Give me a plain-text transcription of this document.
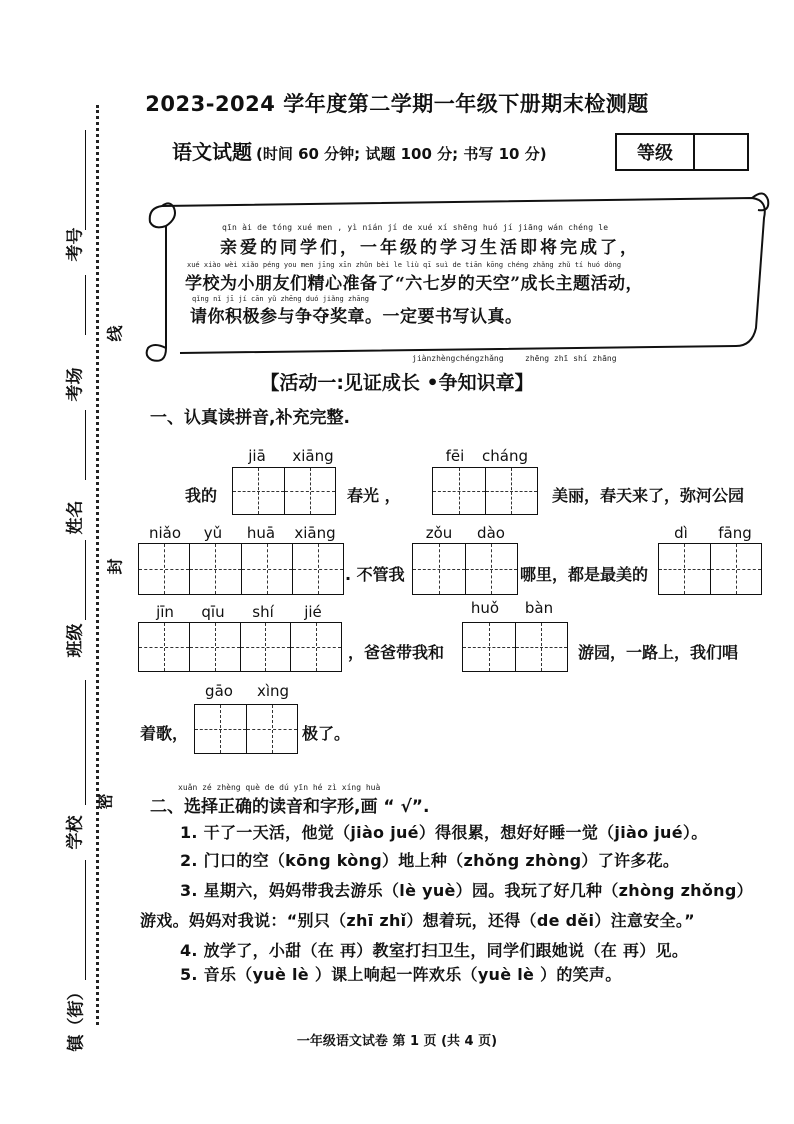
考号
考场
姓名
班级
学校
镇（街）
线
封
密
2023-2024 学年度第二学期一年级下册期末检测题
语文试题 (时间 60 分钟; 试题 100 分; 书写 10 分)	等级
qīn ài de tóng xué men , yì nián jí de xué xí shēng huó jí jiāng wán chéng le
亲爱的同学们，一年级的学习生活即将完成了，
xué xiào wèi xiǎo péng you men jīng xīn zhǔn bèi le liù qī suì de tiān kōng chéng zhǎng zhǔ tí huó dòng
学校为小朋友们精心准备了“六七岁的天空”成长主题活动，
qǐng nǐ jī jí cān yǔ zhēng duó jiǎng zhāng
请你积极参与争夺奖章。一定要书写认真。
jiànzhèngchéngzhǎng	zhēng zhī shí zhāng
【活动一:见证成长 •争知识章】
一、认真读拼音,补充完整.
jiā	xiāng
我的	春光 ，
fēi	cháng
美丽，春天来了，弥河公园
niǎo	yǔ	huā	xiāng
. 不管我
zǒu	dào
哪里，都是最美的
dì	fāng
jīn	qīu	shí	jié
，爸爸带我和
huǒ	bàn
游园，一路上，我们唱
gāo	xìng
着歌，	极了。
xuǎn zé zhèng què de dú yīn hé zì xíng huà
二、选择正确的读音和字形,画 “ √”.
1. 干了一天活，他觉（jiào jué）得很累，想好好睡一觉（jiào jué）。
2. 门口的空（kōng kòng）地上种（zhǒng zhòng）了许多花。
3. 星期六，妈妈带我去游乐（lè yuè）园。我玩了好几种（zhòng zhǒng）
游戏。妈妈对我说：“别只（zhī zhǐ）想着玩，还得（de děi）注意安全。”
4. 放学了，小甜（在 再）教室打扫卫生，同学们跟她说（在 再）见。
5. 音乐（yuè lè ）课上响起一阵欢乐（yuè lè ）的笑声。
一年级语文试卷 第 1 页 (共 4 页)
